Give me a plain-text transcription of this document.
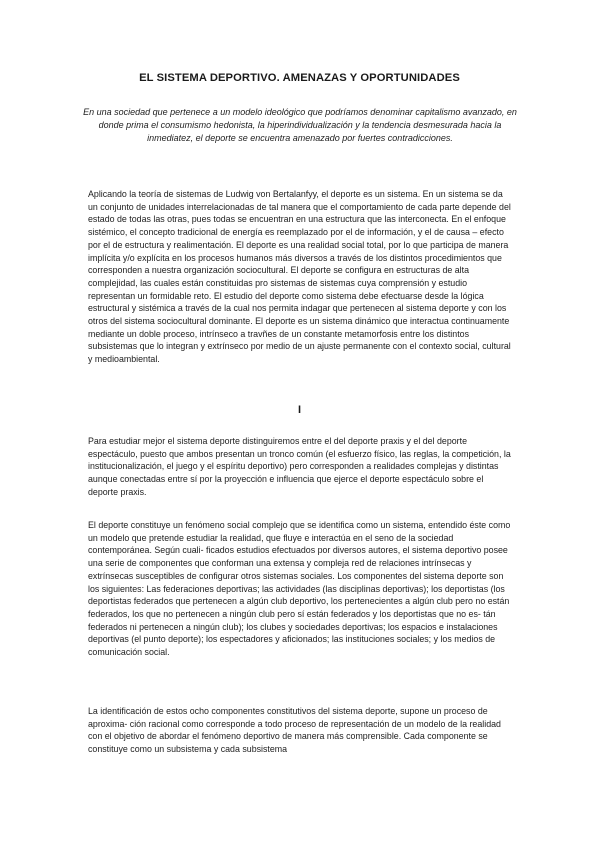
EL SISTEMA DEPORTIVO. AMENAZAS Y OPORTUNIDADES
En una sociedad que pertenece a un modelo ideológico que podríamos denominar capitalismo avanzado, en donde prima el consumismo hedonista, la hiperindividualización y la tendencia desmesurada hacia la inmediatez, el deporte se encuentra amenazado por fuertes contradicciones.
Aplicando la teoría de sistemas de Ludwig von Bertalanfyy, el deporte es un sistema. En un sistema se da un conjunto de unidades interrelacionadas de tal manera que el comportamiento de cada parte depende del estado de todas las otras, pues todas se encuentran en una estructura que las interconecta. En el enfoque sistémico, el concepto tradicional de energía es reemplazado por el de información, y el de causa – efecto por el de estructura y realimentación. El deporte es una realidad social total, por lo que participa de manera implícita y/o explícita en los procesos humanos más diversos a través de los distintos procedimientos que corresponden a nuestra organización sociocultural. El deporte se configura en estructuras de alta complejidad, las cuales están constituidas pro sistemas de sistemas cuya comprensión y estudio representan un formidable reto. El estudio del deporte como sistema debe efectuarse desde la lógica estructural y sistémica a través de la cual nos permita indagar que pertenecen al sistema deporte y con los otros del sistema sociocultural dominante. El deporte es un sistema dinámico que interactua continuamente mediante un doble proceso, intrínseco a travñes de un constante metamorfosis entre los distintos subsistemas que lo integran y extrínseco por medio de un ajuste permanente con el contexto social, cultural y medioambiental.
I
Para estudiar mejor el sistema deporte distinguiremos entre el del deporte praxis y el del deporte espectáculo, puesto que ambos presentan un tronco común (el esfuerzo físico, las reglas, la competición, la institucionalización, el juego y el espíritu deportivo) pero corresponden a realidades complejas y distintas aunque conectadas entre sí por la proyección e influencia que ejerce el deporte espectáculo sobre el deporte praxis.
El deporte constituye un fenómeno social complejo que se identifica como un sistema, entendido éste como un modelo que pretende estudiar la realidad, que fluye e interactúa en el seno de la sociedad contemporánea. Según cuali- ficados estudios efectuados por diversos autores, el sistema deportivo posee una serie de componentes que conforman una extensa y compleja red de relaciones intrínsecas y extrínsecas susceptibles de configurar otros sistemas sociales. Los componentes del sistema deporte son los siguientes: Las federaciones deportivas; las actividades (las disciplinas deportivas); los deportistas (los deportistas federados que pertenecen a algún club deportivo, los pertenecientes a algún club pero no están federados, los que no pertenecen a ningún club pero sí están federados y los deportistas que no es- tán federados ni pertenecen a ningún club); los clubes y sociedades deportivas; los espacios e instalaciones deportivas (el punto deporte); los espectadores y aficionados; las instituciones sociales; y los medios de comunicación social.
La identificación de estos ocho componentes constitutivos del sistema deporte, supone un proceso de aproxima- ción racional como corresponde a todo proceso de representación de un modelo de la realidad con el objetivo de abordar el fenómeno deportivo de manera más comprensible. Cada componente se constituye como un subsistema y cada subsistema
